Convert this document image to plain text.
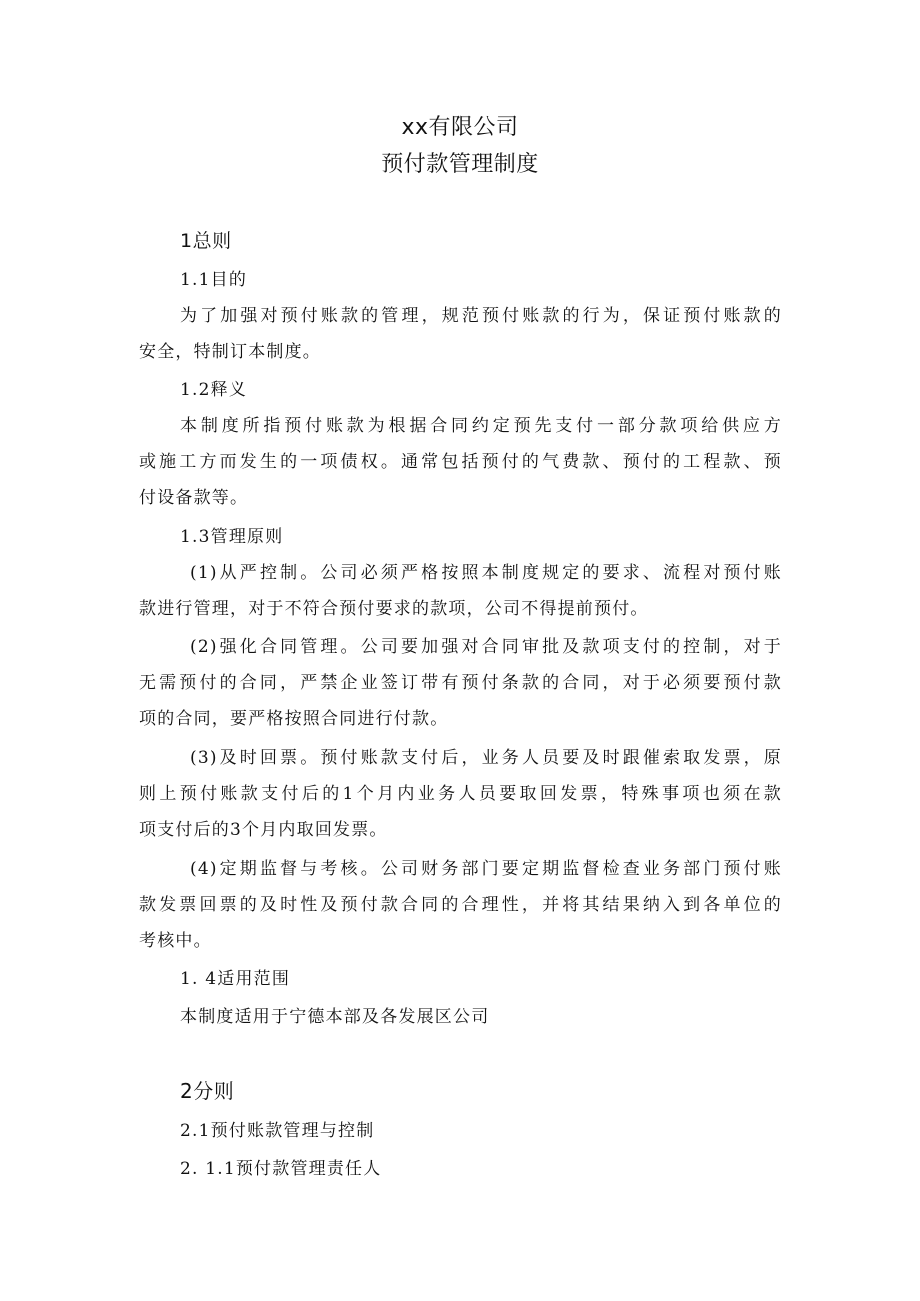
xx有限公司
预付款管理制度
1总则
1.1目的
为了加强对预付账款的管理，规范预付账款的行为，保证预付账款的
安全，特制订本制度。
1.2释义
本制度所指预付账款为根据合同约定预先支付一部分款项给供应方
或施工方而发生的一项债权。通常包括预付的气费款、预付的工程款、预
付设备款等。
1.3管理原则
(1)从严控制。公司必须严格按照本制度规定的要求、流程对预付账
款进行管理，对于不符合预付要求的款项，公司不得提前预付。
(2)强化合同管理。公司要加强对合同审批及款项支付的控制，对于
无需预付的合同，严禁企业签订带有预付条款的合同，对于必须要预付款
项的合同，要严格按照合同进行付款。
(3)及时回票。预付账款支付后，业务人员要及时跟催索取发票，原
则上预付账款支付后的1个月内业务人员要取回发票，特殊事项也须在款
项支付后的3个月内取回发票。
(4)定期监督与考核。公司财务部门要定期监督检查业务部门预付账
款发票回票的及时性及预付款合同的合理性，并将其结果纳入到各单位的
考核中。
1. 4适用范围
本制度适用于宁德本部及各发展区公司
2分则
2.1预付账款管理与控制
2. 1.1预付款管理责任人
